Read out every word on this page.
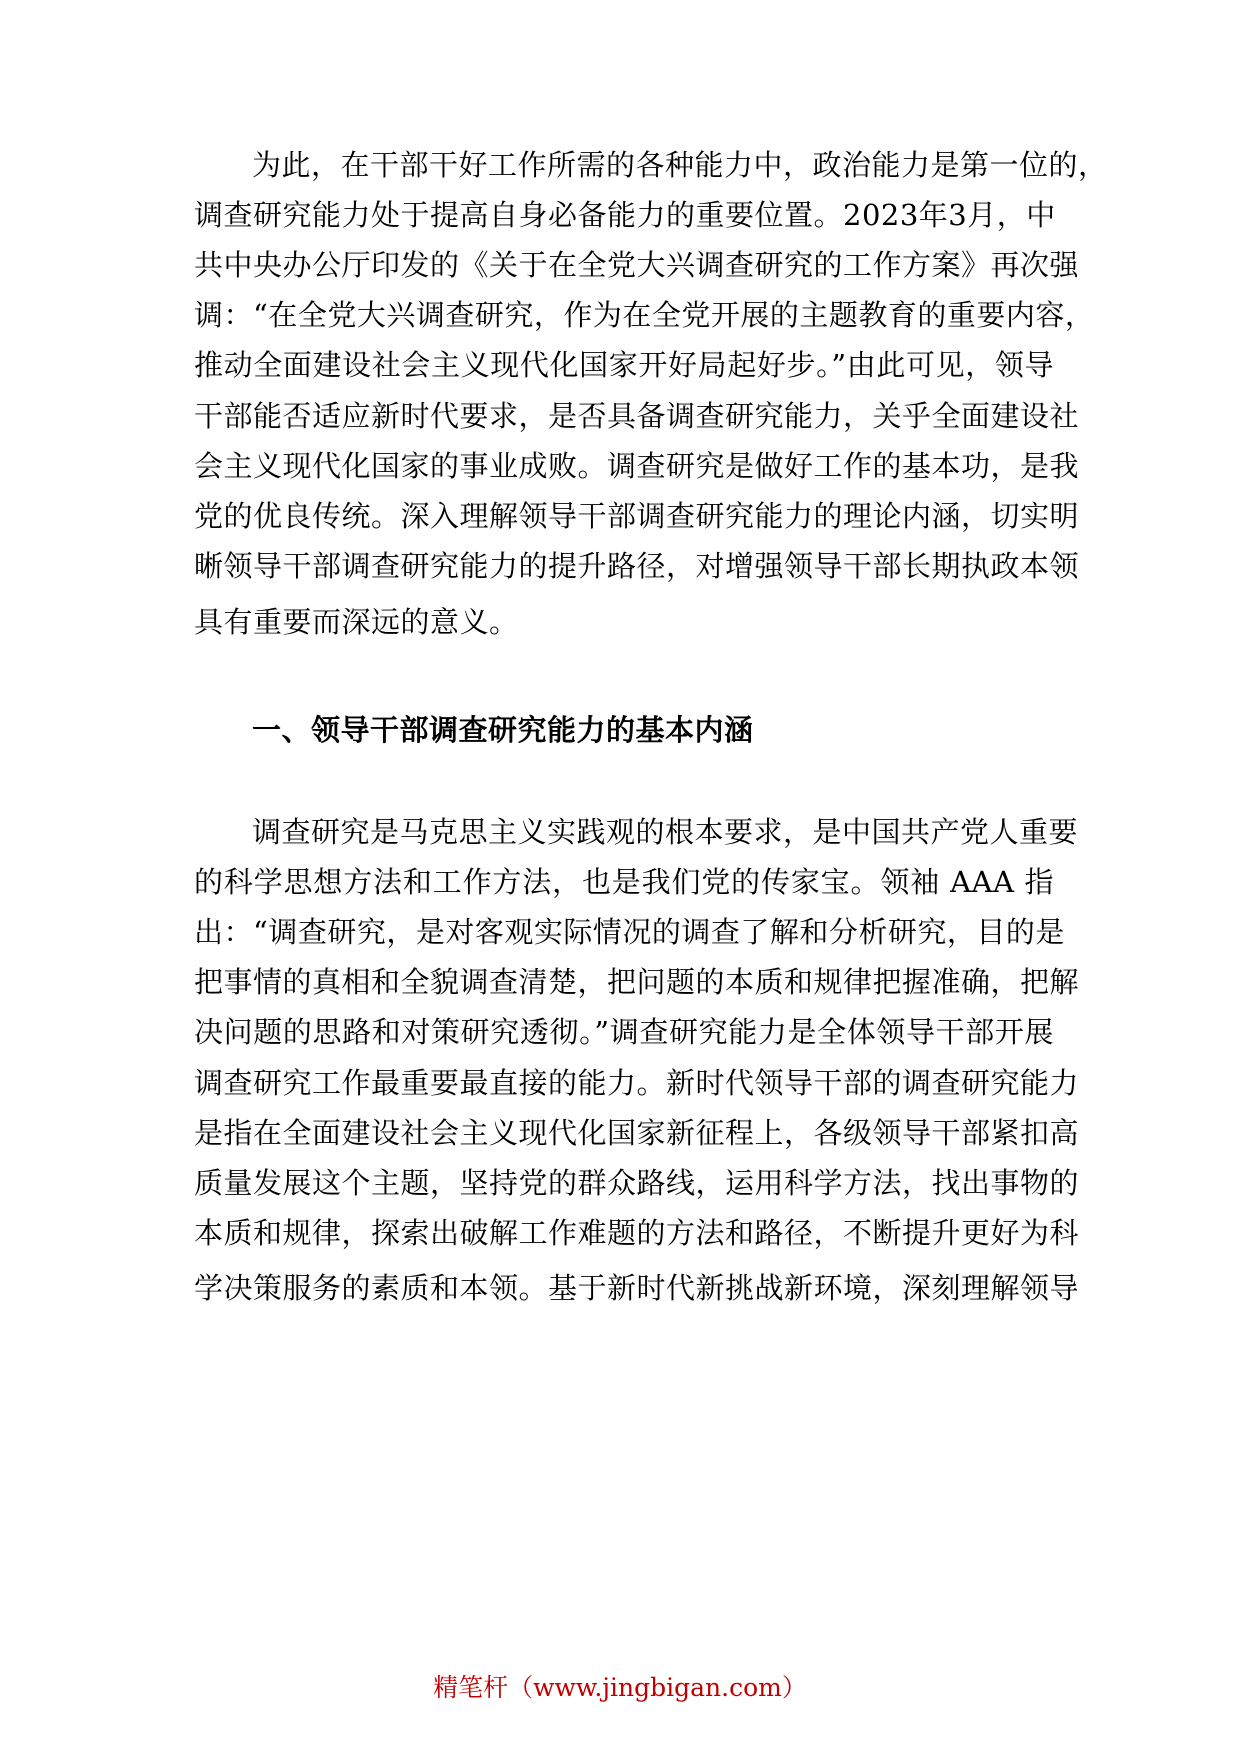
为此，在干部干好工作所需的各种能力中，政治能力是第一位的，
调查研究能力处于提高自身必备能力的重要位置。2023年3月，中
共中央办公厅印发的《关于在全党大兴调查研究的工作方案》再次强
调：“在全党大兴调查研究，作为在全党开展的主题教育的重要内容，
推动全面建设社会主义现代化国家开好局起好步。”由此可见，领导
干部能否适应新时代要求，是否具备调查研究能力，关乎全面建设社
会主义现代化国家的事业成败。调查研究是做好工作的基本功，是我
党的优良传统。深入理解领导干部调查研究能力的理论内涵，切实明
晰领导干部调查研究能力的提升路径，对增强领导干部长期执政本领
具有重要而深远的意义。
一、领导干部调查研究能力的基本内涵
调查研究是马克思主义实践观的根本要求，是中国共产党人重要
的科学思想方法和工作方法，也是我们党的传家宝。领袖 AAA 指
出：“调查研究，是对客观实际情况的调查了解和分析研究，目的是
把事情的真相和全貌调查清楚，把问题的本质和规律把握准确，把解
决问题的思路和对策研究透彻。”调查研究能力是全体领导干部开展
调查研究工作最重要最直接的能力。新时代领导干部的调查研究能力
是指在全面建设社会主义现代化国家新征程上，各级领导干部紧扣高
质量发展这个主题，坚持党的群众路线，运用科学方法，找出事物的
本质和规律，探索出破解工作难题的方法和路径，不断提升更好为科
学决策服务的素质和本领。基于新时代新挑战新环境，深刻理解领导
精笔杆（www.jingbigan.com）
